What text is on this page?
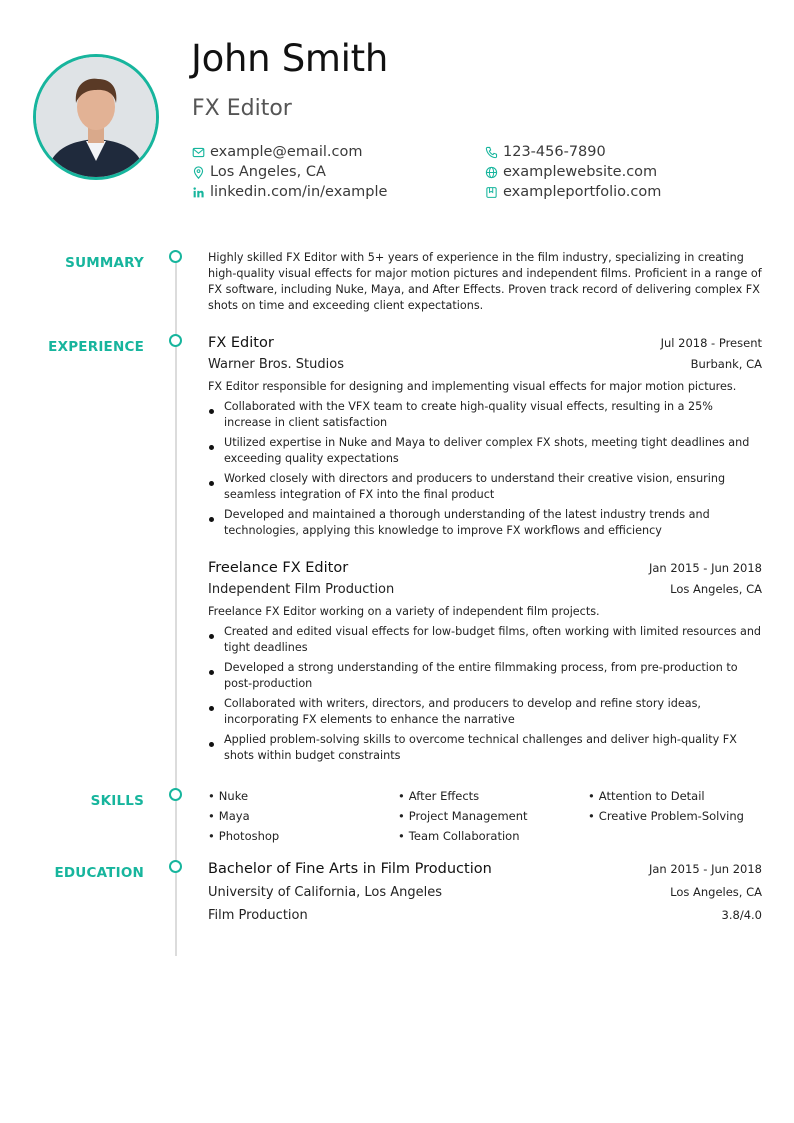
John Smith
FX Editor
example@email.com
Los Angeles, CA
linkedin.com/in/example
123-456-7890
examplewebsite.com
exampleportfolio.com
SUMMARY
EXPERIENCE
SKILLS
EDUCATION
Highly skilled FX Editor with 5+ years of experience in the film industry, specializing in creating high-quality visual effects for major motion pictures and independent films. Proficient in a range of FX software, including Nuke, Maya, and After Effects. Proven track record of delivering complex FX shots on time and exceeding client expectations.
FX Editor	Jul 2018 - Present
Warner Bros. Studios	Burbank, CA
FX Editor responsible for designing and implementing visual effects for major motion pictures.
Collaborated with the VFX team to create high-quality visual effects, resulting in a 25% increase in client satisfaction
Utilized expertise in Nuke and Maya to deliver complex FX shots, meeting tight deadlines and exceeding quality expectations
Worked closely with directors and producers to understand their creative vision, ensuring seamless integration of FX into the final product
Developed and maintained a thorough understanding of the latest industry trends and technologies, applying this knowledge to improve FX workflows and efficiency
Freelance FX Editor	Jan 2015 - Jun 2018
Independent Film Production	Los Angeles, CA
Freelance FX Editor working on a variety of independent film projects.
Created and edited visual effects for low-budget films, often working with limited resources and tight deadlines
Developed a strong understanding of the entire filmmaking process, from pre-production to post-production
Collaborated with writers, directors, and producers to develop and refine story ideas, incorporating FX elements to enhance the narrative
Applied problem-solving skills to overcome technical challenges and deliver high-quality FX shots within budget constraints
• Nuke	• After Effects	• Attention to Detail
• Maya	• Project Management	• Creative Problem-Solving
• Photoshop	• Team Collaboration
Bachelor of Fine Arts in Film Production	Jan 2015 - Jun 2018
University of California, Los Angeles	Los Angeles, CA
Film Production	3.8/4.0
